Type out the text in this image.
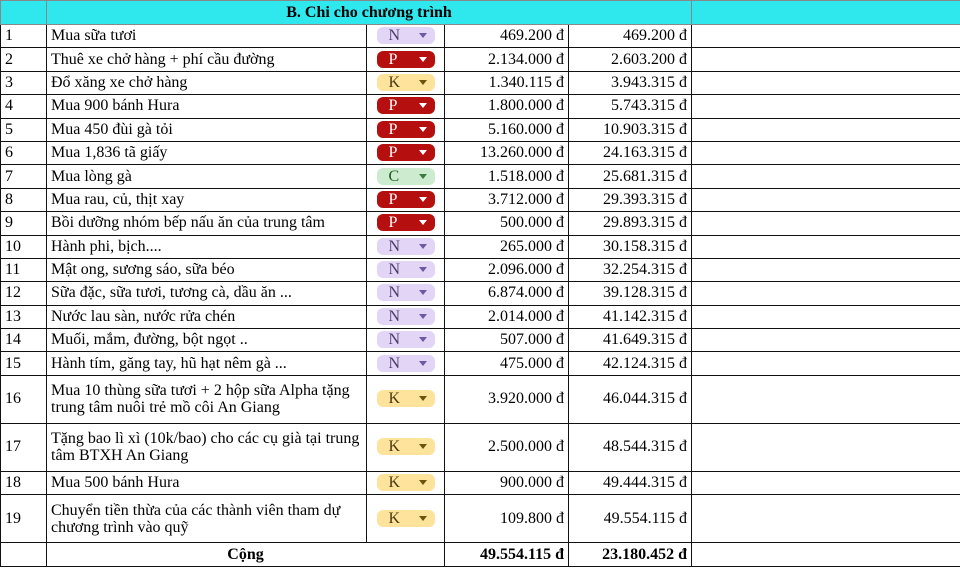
	B. Chi cho chương trình				
1	Mua sữa tươi	N	469.200 đ	469.200 đ	
2	Thuê xe chở hàng + phí cầu đường	P	2.134.000 đ	2.603.200 đ	
3	Đổ xăng xe chở hàng	K	1.340.115 đ	3.943.315 đ	
4	Mua 900 bánh Hura	P	1.800.000 đ	5.743.315 đ	
5	Mua 450 đùi gà tỏi	P	5.160.000 đ	10.903.315 đ	
6	Mua 1,836 tã giấy	P	13.260.000 đ	24.163.315 đ	
7	Mua lòng gà	C	1.518.000 đ	25.681.315 đ	
8	Mua rau, củ, thịt xay	P	3.712.000 đ	29.393.315 đ	
9	Bồi dưỡng nhóm bếp nấu ăn của trung tâm	P	500.000 đ	29.893.315 đ	
10	Hành phi, bịch....	N	265.000 đ	30.158.315 đ	
11	Mật ong, sương sáo, sữa béo	N	2.096.000 đ	32.254.315 đ	
12	Sữa đặc, sữa tươi, tương cà, dầu ăn ...	N	6.874.000 đ	39.128.315 đ	
13	Nước lau sàn, nước rửa chén	N	2.014.000 đ	41.142.315 đ	
14	Muối, mắm, đường, bột ngọt ..	N	507.000 đ	41.649.315 đ	
15	Hành tím, găng tay, hũ hạt nêm gà ...	N	475.000 đ	42.124.315 đ	
16	Mua 10 thùng sữa tươi + 2 hộp sữa Alpha tặng trung tâm nuôi trẻ mồ côi An Giang	K	3.920.000 đ	46.044.315 đ	
17	Tặng bao lì xì (10k/bao) cho các cụ già tại trung tâm BTXH An Giang	K	2.500.000 đ	48.544.315 đ	
18	Mua 500 bánh Hura	K	900.000 đ	49.444.315 đ	
19	Chuyển tiền thừa của các thành viên tham dự chương trình vào quỹ	K	109.800 đ	49.554.115 đ	
	Cộng		49.554.115 đ	23.180.452 đ	
